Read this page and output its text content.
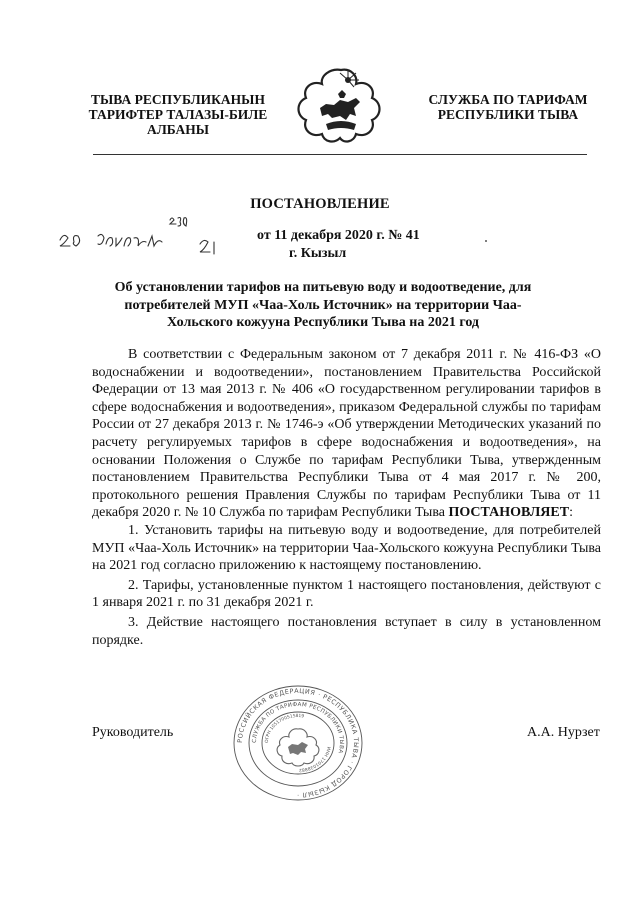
ТЫВА РЕСПУБЛИКАНЫН ТАРИФТЕР ТАЛАЗЫ-БИЛЕ АЛБАНЫ
СЛУЖБА ПО ТАРИФАМ РЕСПУБЛИКИ ТЫВА
ПОСТАНОВЛЕНИЕ
от 11 декабря 2020 г. № 41
г. Кызыл
Об установлении тарифов на питьевую воду и водоотведение, для потребителей МУП «Чаа-Холь Источник» на территории Чаа-Хольского кожууна Республики Тыва на 2021 год

В соответствии с Федеральным законом от 7 декабря 2011 г. № 416-ФЗ «О водоснабжении и водоотведении», постановлением Правительства Российской Федерации от 13 мая 2013 г. № 406 «О государственном регулировании тарифов в сфере водоснабжения и водоотведения», приказом Федеральной службы по тарифам России от 27 декабря 2013 г. № 1746-э «Об утверждении Методических указаний по расчету регулируемых тарифов в сфере водоснабжения и водоотведения», на основании Положения о Службе по тарифам Республики Тыва, утвержденным постановлением Правительства Республики Тыва от 4 мая 2017 г. № 200, протокольного решения Правления Службы по тарифам Республики Тыва от 11 декабря 2020 г. № 10 Служба по тарифам Республики Тыва ПОСТАНОВЛЯЕТ:

1. Установить тарифы на питьевую воду и водоотведение, для потребителей МУП «Чаа-Холь Источник» на территории Чаа-Хольского кожууна Республики Тыва на 2021 год согласно приложению к настоящему постановлению.

2. Тарифы, установленные пунктом 1 настоящего постановления, действуют с 1 января 2021 г. по 31 декабря 2021 г.

3. Действие настоящего постановления вступает в силу в установленном порядке.

РОССИЙСКАЯ ФЕДЕРАЦИЯ · РЕСПУБЛИКА ТЫВА · ГОРОД КЫЗЫЛ ·
СЛУЖБА ПО ТАРИФАМ РЕСПУБЛИКИ ТЫВА
ОГРН 1051700515819
ИНН 1701038882
Руководитель	А.А. Нурзет
